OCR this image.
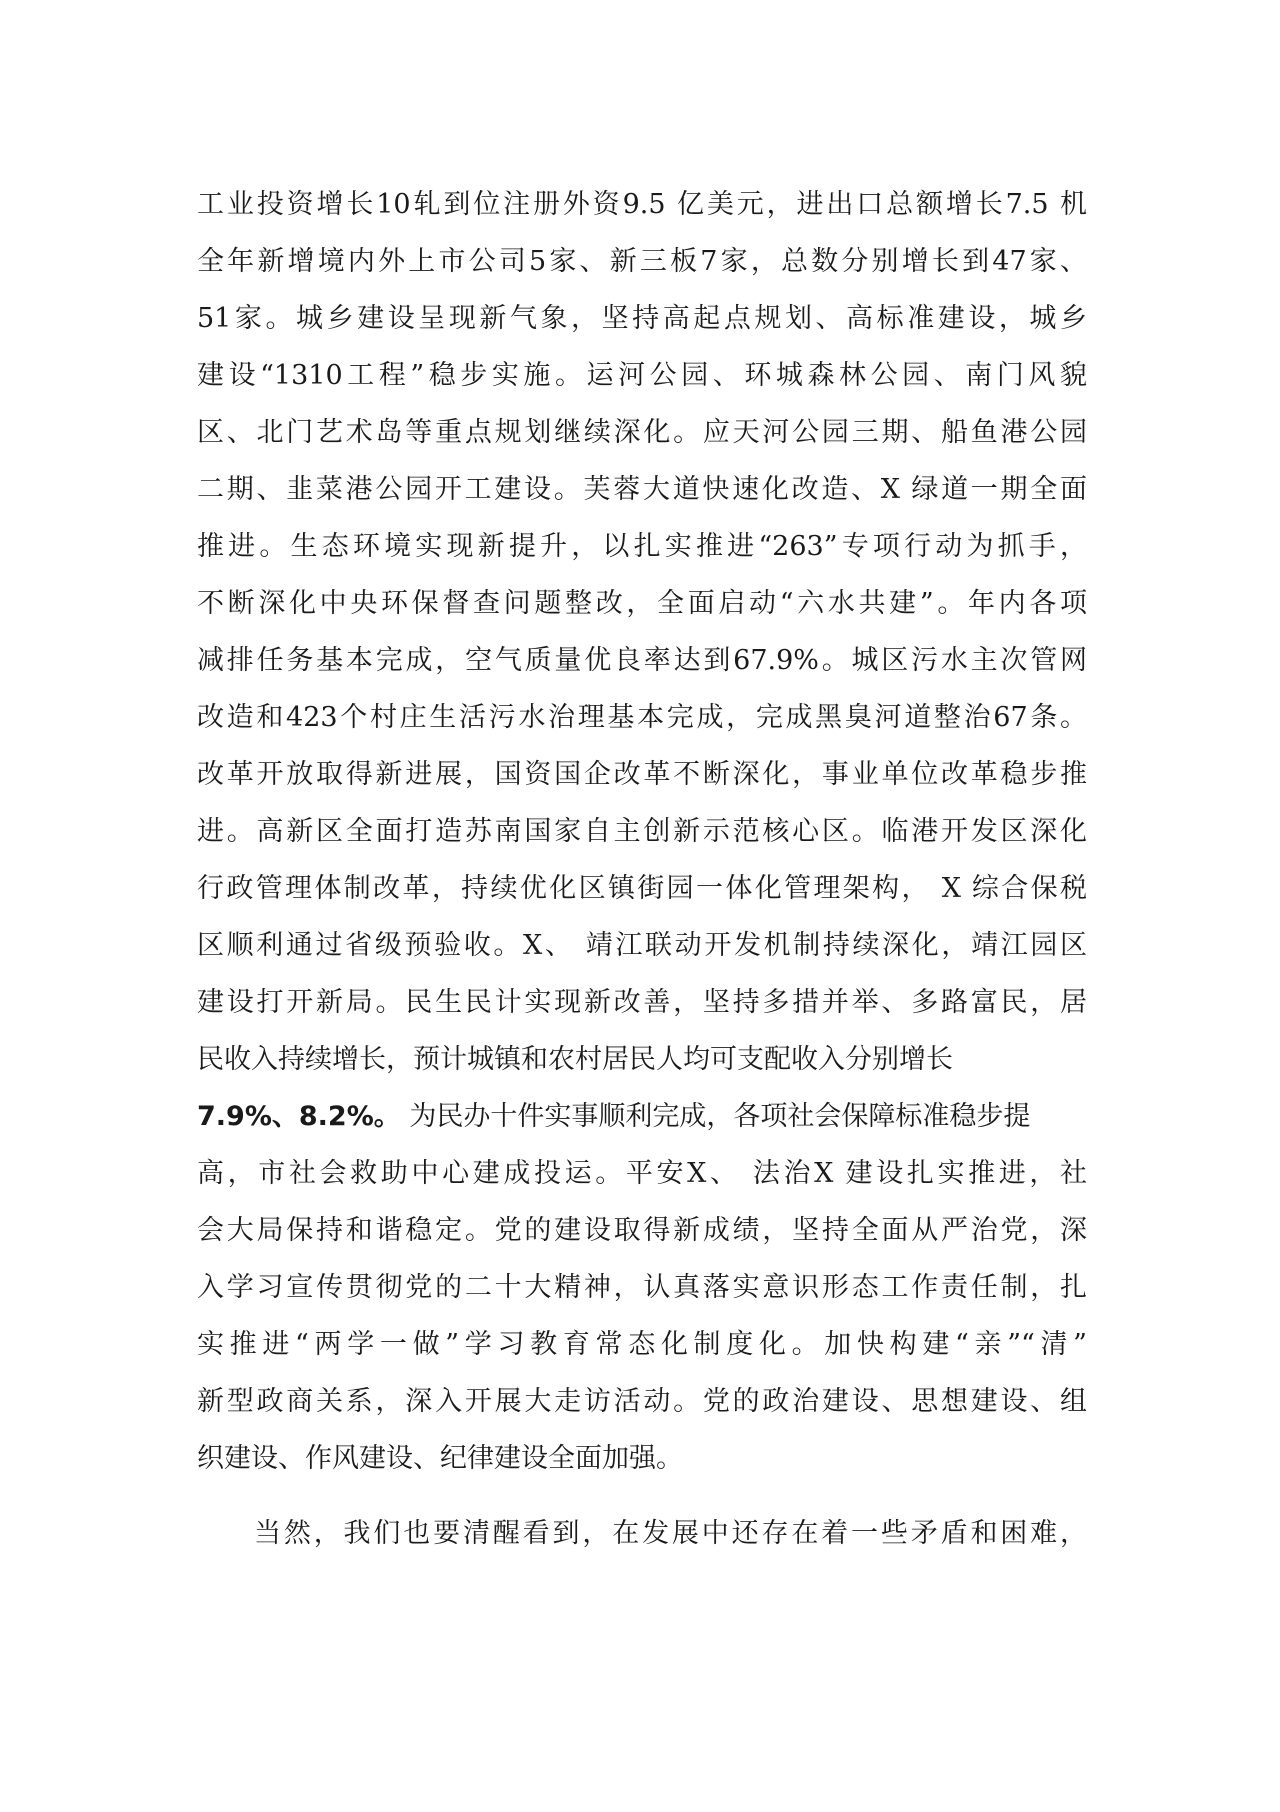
工业投资增长10轧到位注册外资9.5 亿美元，进出口总额增长7.5 机
全年新增境内外上市公司5家、新三板7家，总数分别增长到47家、
51家。城乡建设呈现新气象，坚持高起点规划、高标准建设，城乡
建设“1310工程”稳步实施。运河公园、环城森林公园、南门风貌
区、北门艺术岛等重点规划继续深化。应天河公园三期、船鱼港公园
二期、韭菜港公园开工建设。芙蓉大道快速化改造、X 绿道一期全面
推进。生态环境实现新提升，以扎实推进“263”专项行动为抓手，
不断深化中央环保督查问题整改，全面启动“六水共建”。年内各项
减排任务基本完成，空气质量优良率达到67.9%。城区污水主次管网
改造和423个村庄生活污水治理基本完成，完成黑臭河道整治67条。
改革开放取得新进展，国资国企改革不断深化，事业单位改革稳步推
进。高新区全面打造苏南国家自主创新示范核心区。临港开发区深化
行政管理体制改革，持续优化区镇街园一体化管理架构， X 综合保税
区顺利通过省级预验收。X、 靖江联动开发机制持续深化，靖江园区
建设打开新局。民生民计实现新改善，坚持多措并举、多路富民，居
民收入持续增长，预计城镇和农村居民人均可支配收入分别增长
7.9%、8.2%。 为民办十件实事顺利完成，各项社会保障标准稳步提
高，市社会救助中心建成投运。平安X、 法治X 建设扎实推进，社
会大局保持和谐稳定。党的建设取得新成绩，坚持全面从严治党，深
入学习宣传贯彻党的二十大精神，认真落实意识形态工作责任制，扎
实推进“两学一做”学习教育常态化制度化。加快构建“亲”“清”
新型政商关系，深入开展大走访活动。党的政治建设、思想建设、组
织建设、作风建设、纪律建设全面加强。
当然，我们也要清醒看到，在发展中还存在着一些矛盾和困难，
